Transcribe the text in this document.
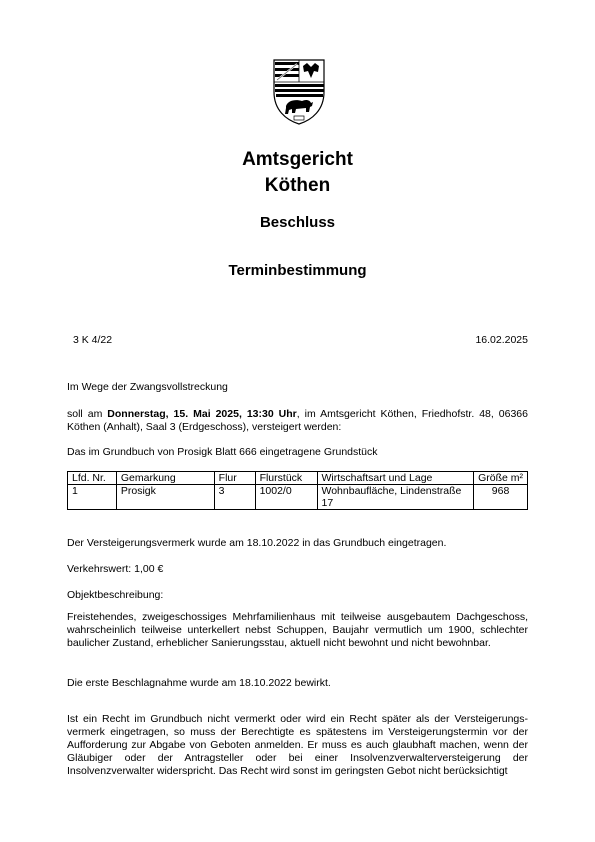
Amtsgericht
Köthen
Beschluss
Terminbestimmung
3 K 4/22	16.02.2025
Im Wege der Zwangsvollstreckung
soll am Donnerstag, 15. Mai 2025, 13:30 Uhr, im Amtsgericht Köthen, Friedhofstr. 48, 06366 Köthen (Anhalt), Saal 3 (Erdgeschoss), versteigert werden:
Das im Grundbuch von Prosigk Blatt 666 eingetragene Grundstück
Lfd. Nr.	Gemarkung	Flur	Flurstück	Wirtschaftsart und Lage	Größe m²
1	Prosigk	3	1002/0	Wohnbaufläche, Lindenstraße 17	968
Der Versteigerungsvermerk wurde am 18.10.2022 in das Grundbuch eingetragen.
Verkehrswert: 1,00 €
Objektbeschreibung:
Freistehendes, zweigeschossiges Mehrfamilienhaus mit teilweise ausgebautem Dachgeschoss, wahrscheinlich teilweise unterkellert nebst Schuppen, Baujahr vermutlich um 1900, schlechter baulicher Zustand, erheblicher Sanierungsstau, aktuell nicht bewohnt und nicht bewohnbar.
Die erste Beschlagnahme wurde am 18.10.2022 bewirkt.
Ist ein Recht im Grundbuch nicht vermerkt oder wird ein Recht später als der Versteigerungs-vermerk eingetragen, so muss der Berechtigte es spätestens im Versteigerungstermin vor der Aufforderung zur Abgabe von Geboten anmelden. Er muss es auch glaubhaft machen, wenn der Gläubiger oder der Antragsteller oder bei einer Insolvenzverwalterversteigerung der Insolvenzverwalter widerspricht. Das Recht wird sonst im geringsten Gebot nicht berücksichtigt
